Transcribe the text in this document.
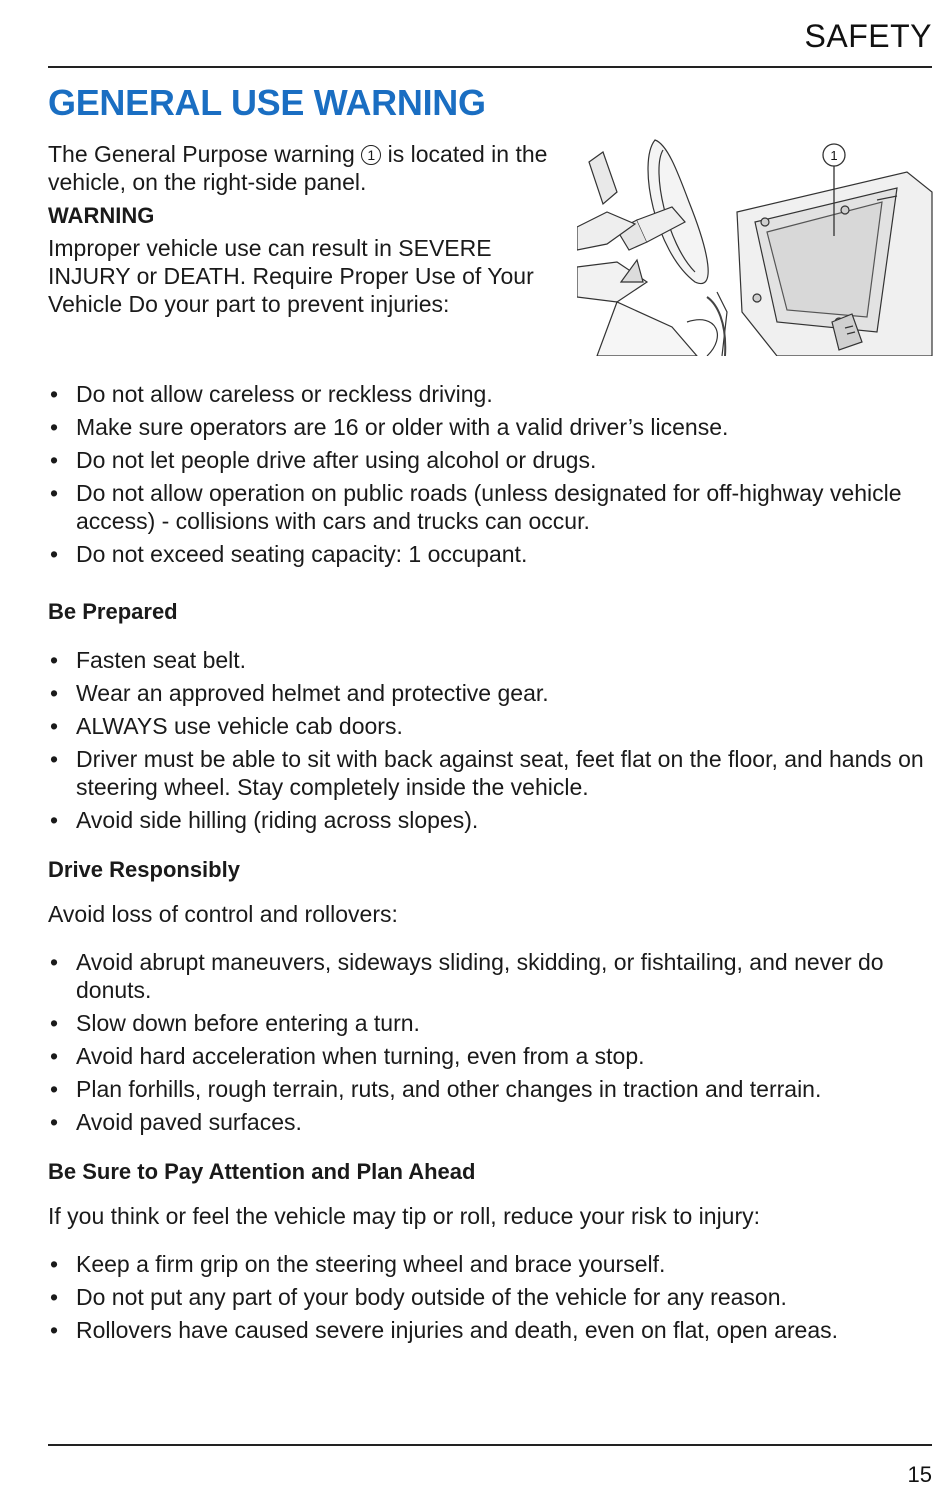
SAFETY
GENERAL USE WARNING

The General Purpose warning 1 is located in the vehicle, on the right-side panel.

WARNING

Improper vehicle use can result in SEVERE INJURY or DEATH. Require Proper Use of Your Vehicle Do your part to prevent injuries:

1
• Do not allow careless or reckless driving.
• Make sure operators are 16 or older with a valid driver’s license.
• Do not let people drive after using alcohol or drugs.
• Do not allow operation on public roads (unless designated for off-highway vehicle access) - collisions with cars and trucks can occur.
• Do not exceed seating capacity: 1 occupant.

Be Prepared

• Fasten seat belt.
• Wear an approved helmet and protective gear.
• ALWAYS use vehicle cab doors.
• Driver must be able to sit with back against seat, feet flat on the floor, and hands on steering wheel. Stay completely inside the vehicle.
• Avoid side hilling (riding across slopes).

Drive Responsibly

Avoid loss of control and rollovers:

• Avoid abrupt maneuvers, sideways sliding, skidding, or fishtailing, and never do donuts.
• Slow down before entering a turn.
• Avoid hard acceleration when turning, even from a stop.
• Plan forhills, rough terrain, ruts, and other changes in traction and terrain.
• Avoid paved surfaces.

Be Sure to Pay Attention and Plan Ahead

If you think or feel the vehicle may tip or roll, reduce your risk to injury:

• Keep a firm grip on the steering wheel and brace yourself.
• Do not put any part of your body outside of the vehicle for any reason.
• Rollovers have caused severe injuries and death, even on flat, open areas.
15
